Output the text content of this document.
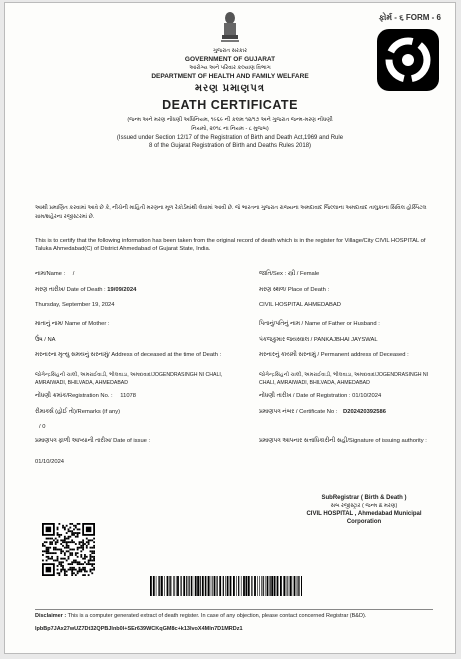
ફોર્મ - ૬ FORM - 6
ગુજરાત સરકાર
GOVERNMENT OF GUJARAT
આરોગ્ય અને પરિવાર કલ્યાણ વિભાગ
DEPARTMENT OF HEALTH AND FAMILY WELFARE
મરણ પ્રમાણપત્ર
DEATH CERTIFICATE
(જન્મ અને મરણ નોંધણી અધિનિયમ, ૧૯૬૯ ની કલમ ૧૨/૧૭ અને ગુજરાત જન્મ-મરણ નોંધણી નિયમો, ૨૦૧૮ ના નિયમ - ૮ મુજબ)
(Issued under Section 12/17 of the Registration of Birth and Death Act,1969 and Rule 8 of the Gujarat Registration of Birth and Deaths Rules 2018)
આથી પ્રમાણિત કરવામાં આવે છે કે, નીચેની માહિતી મરણના મૂળ રેકોર્ડમાંથી લેવામાં આવી છે. જે ભારતના ગુજરાત રાજ્યના અમદાવાદ જિલ્લાના અમદાવાદ તાલુકાના સિવિલ હોસ્પિટલ ગ્રામ/શહેરના રજીસ્ટરમાં છે.
This is to certify that the following information has been taken from the original record of death which is in the register for Village/City CIVIL HOSPITAL of Taluka Ahmedabad(C) of District Ahmedabad of Gujarat State, India.
નામ/Name : /	જાતિ/Sex : સ્ત્રી / Female
મરણ તારીખ/ Date of Death : 19/09/2024
Thursday, September 19, 2024
મરણ સ્થળ/ Place of Death :
CIVIL HOSPITAL AHMEDABAD
માતાનું નામ/ Name of Mother :
ઉંષ / NA
પિતાનું/પતિનું નામ / Name of Father or Husband :
પંકજકુમાર જયસ્વાલ / PANKAJBHAI JAYSWAL
મરનારના મૃત્યુ સમયનું સરનામું/ Address of deceased at the time of Death :
જોગેન્દ્રસિંહની ચાલી, અમરાઈવાડી, ભીલવાડા, અમદાવાદ/JOGENDRASINGH NI CHALI, AMRAIWADI, BHILVADA, AHMEDABAD
મરનારનું કાયમી સરનામું / Permanent address of Deceased :
જોગેન્દ્રસિંહની ચાલી, અમરાઈવાડી, ભીલવાડા, અમદાવાદ/JOGENDRASINGH NI CHALI, AMRAIWADI, BHILVADA, AHMEDABAD
નોંધણી ક્રમાંક/Registration No. : 11078	નોંધણી તારીખ / Date of Registration : 01/10/2024
રીમાર્ક્સ (હોઈ તો)/Remarks (if any)
/ 0
પ્રમાણપત્ર નંબર / Certificate No : D202420392586
પ્રમાણપત્ર ફાળી આપ્યાની તારીખ/ Date of issue :
01/10/2024
પ્રમાણપત્ર આપનાર સત્તાધિકારીની સહી/Signature of issuing authority :
SubRegistrar ( Birth & Death )
સબ રજીસ્ટ્રાર ( જન્મ & મરણ)
CIVIL HOSPITAL , Ahmedabad Municipal Corporation
Disclaimer : This is a computer generated extract of death register. In case of any objection, please contact concerned Registrar (B&D).
lpbBp7JAx27wUZ7Dt32QPBJlnb0l+SEr639WCKqGM8c+k13lvoX4Mln7D1MRDz1
